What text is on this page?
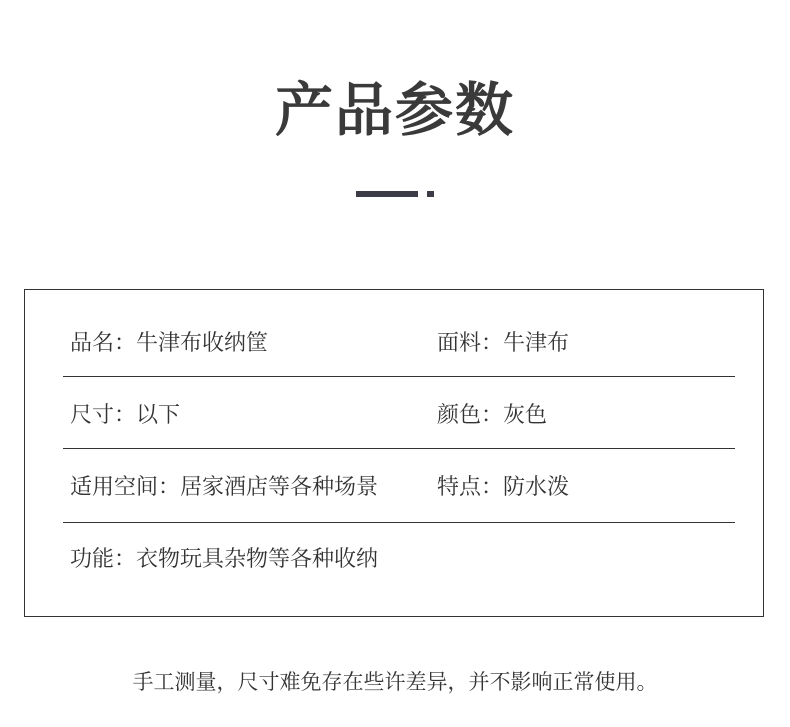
产品参数
品名：牛津布收纳筐	面料：牛津布
尺寸：以下	颜色：灰色
适用空间：居家酒店等各种场景	特点：防水泼
功能：衣物玩具杂物等各种收纳
手工测量，尺寸难免存在些许差异，并不影响正常使用。
